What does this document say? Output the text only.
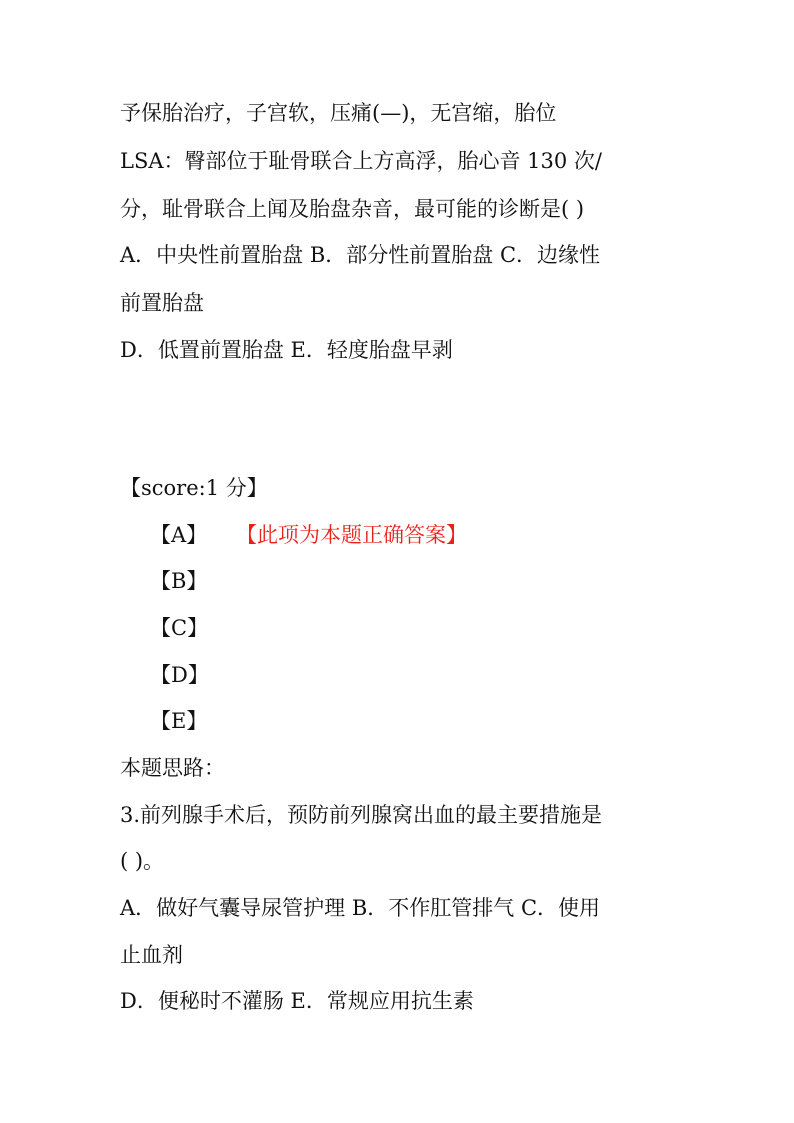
予保胎治疗，子宫软，压痛(—)，无宫缩，胎位
LSA：臀部位于耻骨联合上方高浮，胎心音 130 次/
分，耻骨联合上闻及胎盘杂音，最可能的诊断是( )
A．中央性前置胎盘 B．部分性前置胎盘 C．边缘性
前置胎盘
D．低置前置胎盘 E．轻度胎盘早剥
【score:1 分】
【A】 【此项为本题正确答案】
【B】
【C】
【D】
【E】
本题思路：
3.前列腺手术后，预防前列腺窝出血的最主要措施是
( )。
A．做好气囊导尿管护理 B．不作肛管排气 C．使用
止血剂
D．便秘时不灌肠 E．常规应用抗生素
